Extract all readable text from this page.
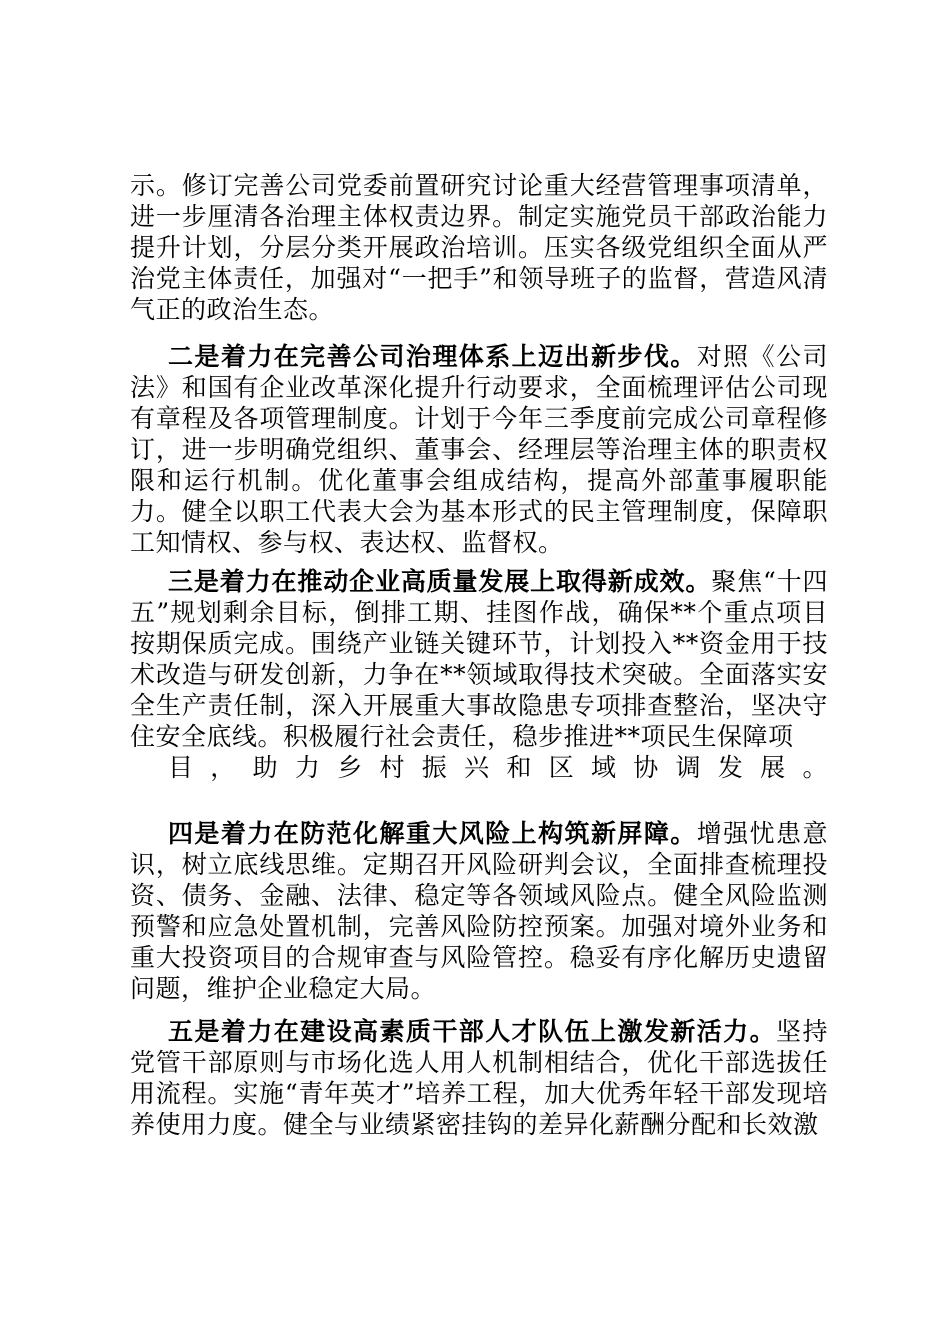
示。修订完善公司党委前置研究讨论重大经营管理事项清单，进一步厘清各治理主体权责边界。制定实施党员干部政治能力提升计划，分层分类开展政治培训。压实各级党组织全面从严治党主体责任，加强对“一把手”和领导班子的监督，营造风清气正的政治生态。

二是着力在完善公司治理体系上迈出新步伐。对照《公司法》和国有企业改革深化提升行动要求，全面梳理评估公司现有章程及各项管理制度。计划于今年三季度前完成公司章程修订，进一步明确党组织、董事会、经理层等治理主体的职责权限和运行机制。优化董事会组成结构，提高外部董事履职能力。健全以职工代表大会为基本形式的民主管理制度，保障职工知情权、参与权、表达权、监督权。

三是着力在推动企业高质量发展上取得新成效。聚焦“十四五”规划剩余目标，倒排工期、挂图作战，确保**个重点项目按期保质完成。围绕产业链关键环节，计划投入**资金用于技术改造与研发创新，力争在**领域取得技术突破。全面落实安全生产责任制，深入开展重大事故隐患专项排查整治，坚决守住安全底线。积极履行社会责任，稳步推进**项民生保障项
目，助力乡村振兴和区域协调发展。

四是着力在防范化解重大风险上构筑新屏障。增强忧患意识，树立底线思维。定期召开风险研判会议，全面排查梳理投资、债务、金融、法律、稳定等各领域风险点。健全风险监测预警和应急处置机制，完善风险防控预案。加强对境外业务和重大投资项目的合规审查与风险管控。稳妥有序化解历史遗留问题，维护企业稳定大局。

五是着力在建设高素质干部人才队伍上激发新活力。坚持党管干部原则与市场化选人用人机制相结合，优化干部选拔任用流程。实施“青年英才”培养工程，加大优秀年轻干部发现培养使用力度。健全与业绩紧密挂钩的差异化薪酬分配和长效激
